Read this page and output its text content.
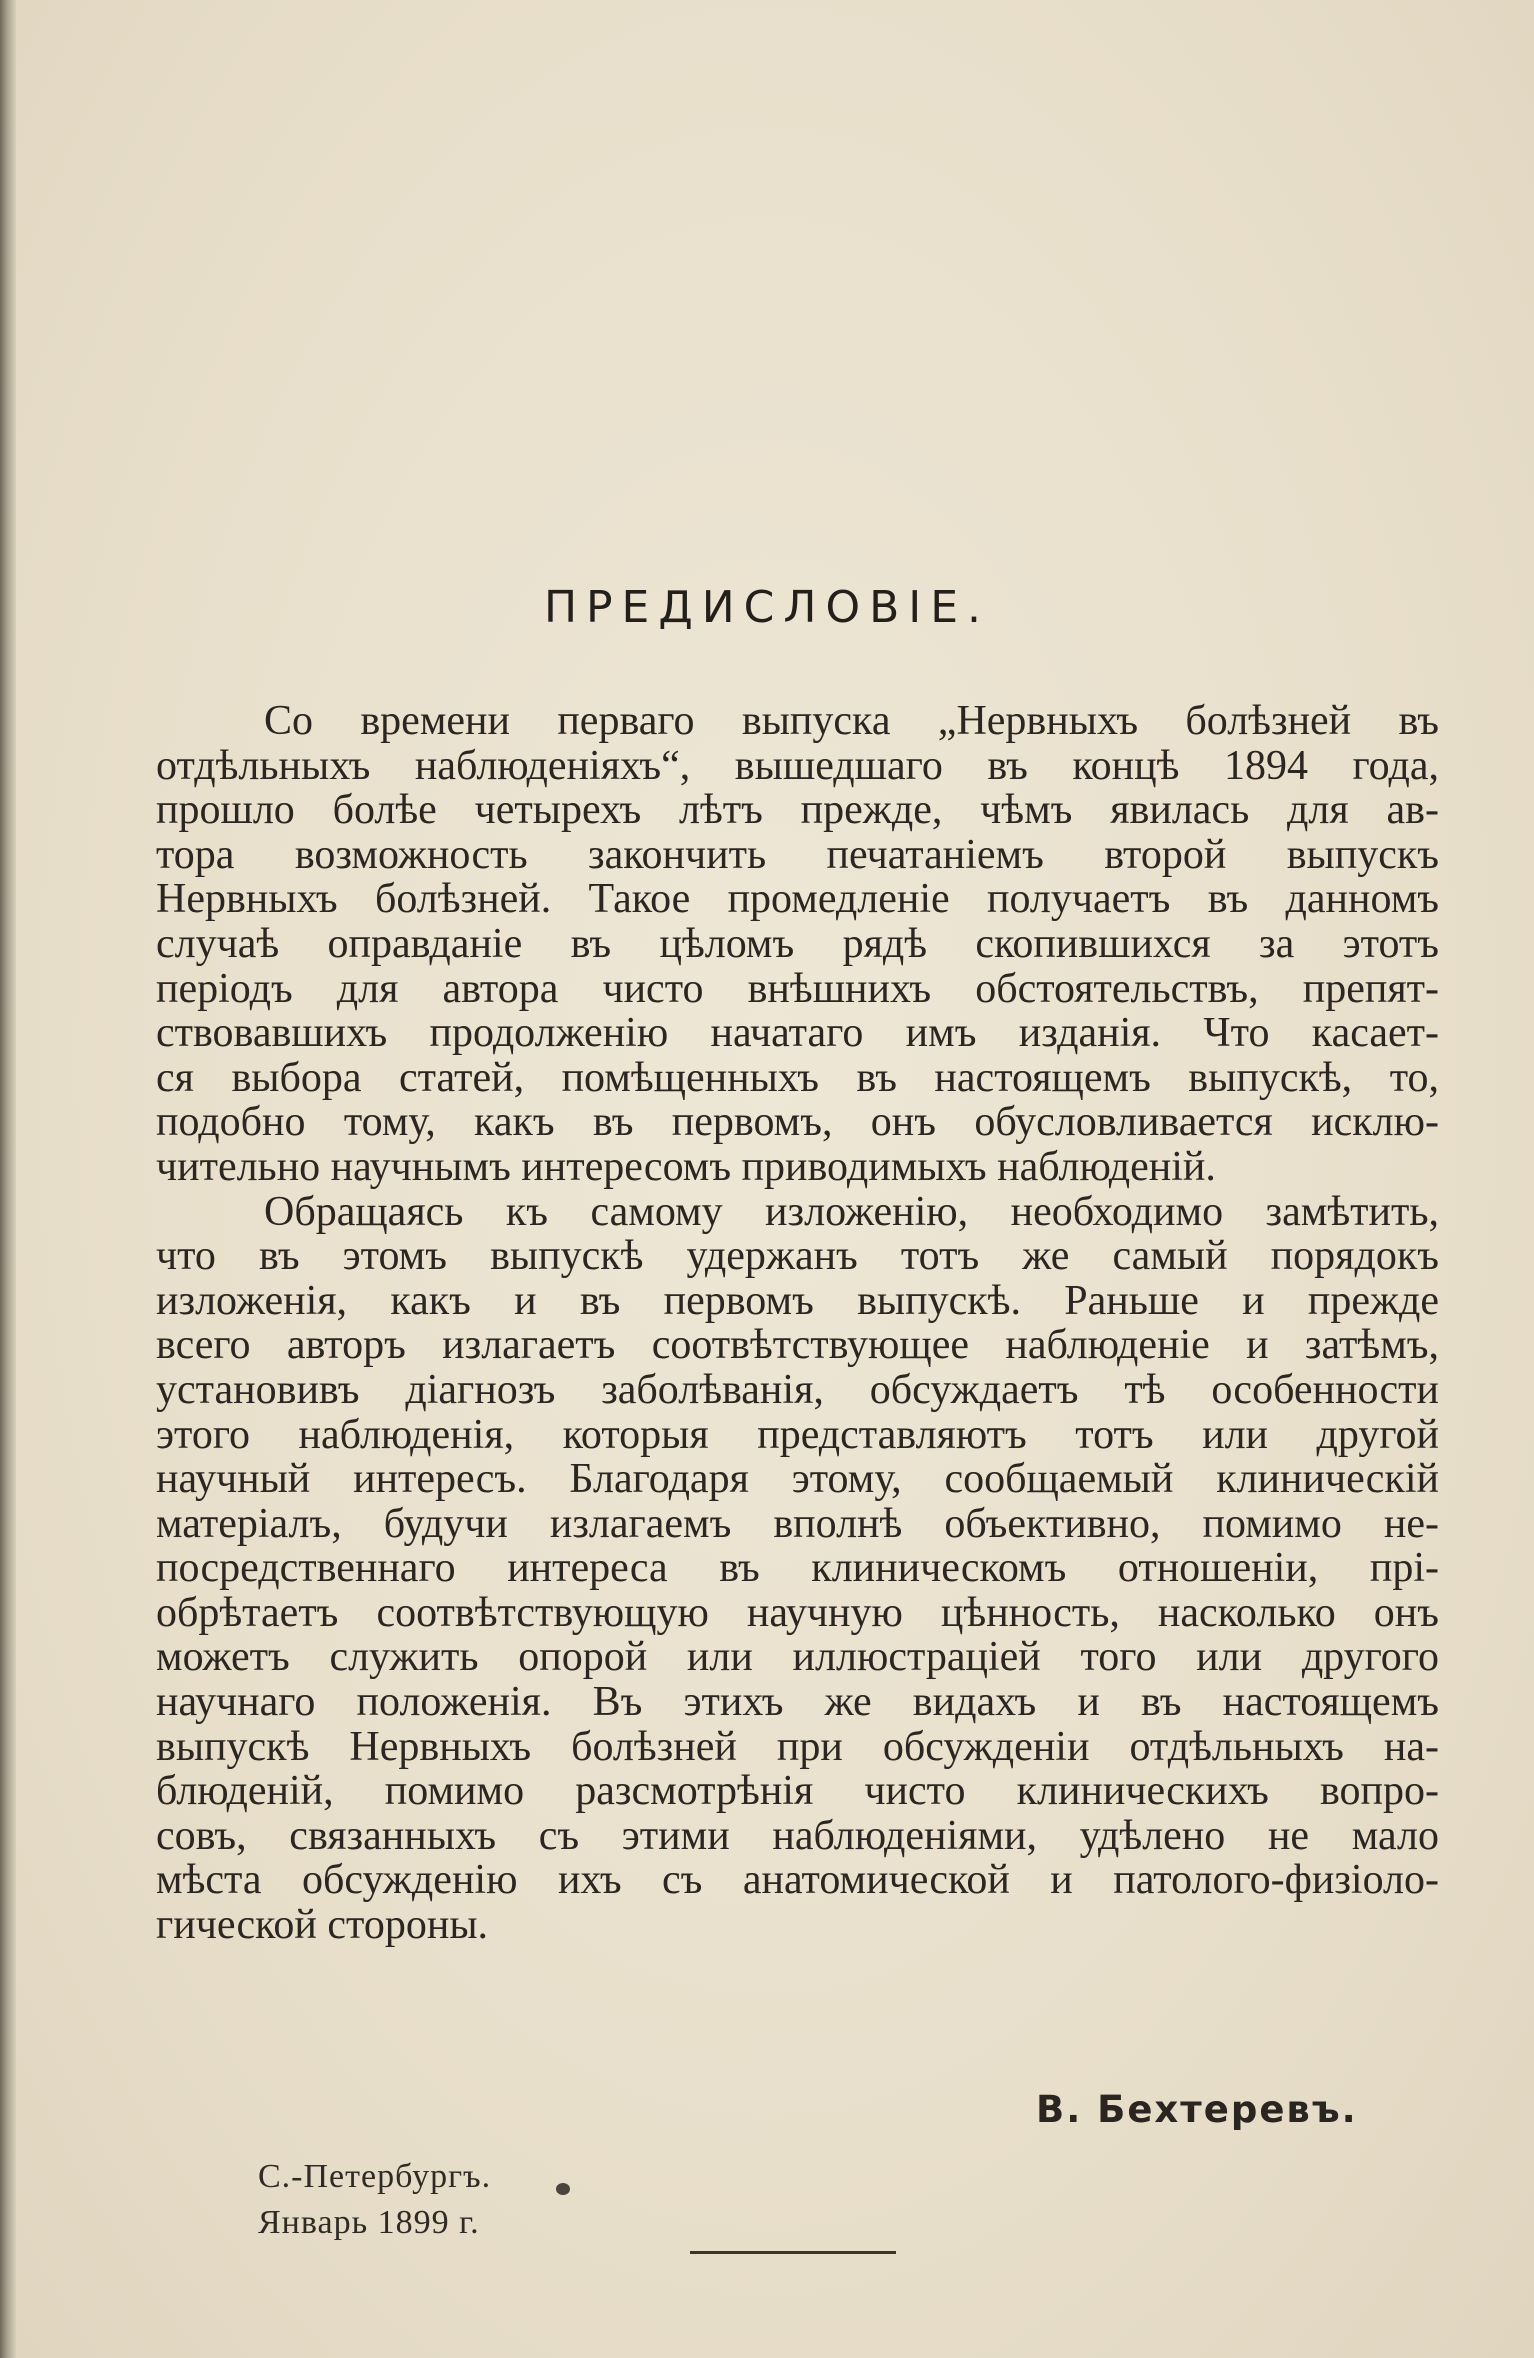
ПРЕДИСЛОВІЕ.
Со времени перваго выпуска „Нервныхъ болѣзней въ
отдѣльныхъ наблюденіяхъ“, вышедшаго въ концѣ 1894 года,
прошло болѣе четырехъ лѣтъ прежде, чѣмъ явилась для ав-
тора возможность закончить печатаніемъ второй выпускъ
Нервныхъ болѣзней. Такое промедленіе получаетъ въ данномъ
случаѣ оправданіе въ цѣломъ рядѣ скопившихся за этотъ
періодъ для автора чисто внѣшнихъ обстоятельствъ, препят-
ствовавшихъ продолженію начатаго имъ изданія. Что касает-
ся выбора статей, помѣщенныхъ въ настоящемъ выпускѣ, то,
подобно тому, какъ въ первомъ, онъ обусловливается исклю-
чительно научнымъ интересомъ приводимыхъ наблюденій.
Обращаясь къ самому изложенію, необходимо замѣтить,
что въ этомъ выпускѣ удержанъ тотъ же самый порядокъ
изложенія, какъ и въ первомъ выпускѣ. Раньше и прежде
всего авторъ излагаетъ соотвѣтствующее наблюденіе и затѣмъ,
установивъ діагнозъ заболѣванія, обсуждаетъ тѣ особенности
этого наблюденія, которыя представляютъ тотъ или другой
научный интересъ. Благодаря этому, сообщаемый клиническій
матеріалъ, будучи излагаемъ вполнѣ объективно, помимо не-
посредственнаго интереса въ клиническомъ отношеніи, прі-
обрѣтаетъ соотвѣтствующую научную цѣнность, насколько онъ
можетъ служить опорой или иллюстраціей того или другого
научнаго положенія. Въ этихъ же видахъ и въ настоящемъ
выпускѣ Нервныхъ болѣзней при обсужденіи отдѣльныхъ на-
блюденій, помимо разсмотрѣнія чисто клиническихъ вопро-
совъ, связанныхъ съ этими наблюденіями, удѣлено не мало
мѣста обсужденію ихъ съ анатомической и патолого-физіоло-
гической стороны.
В. Бехтеревъ.
С.-Петербургъ.
Январь 1899 г.
